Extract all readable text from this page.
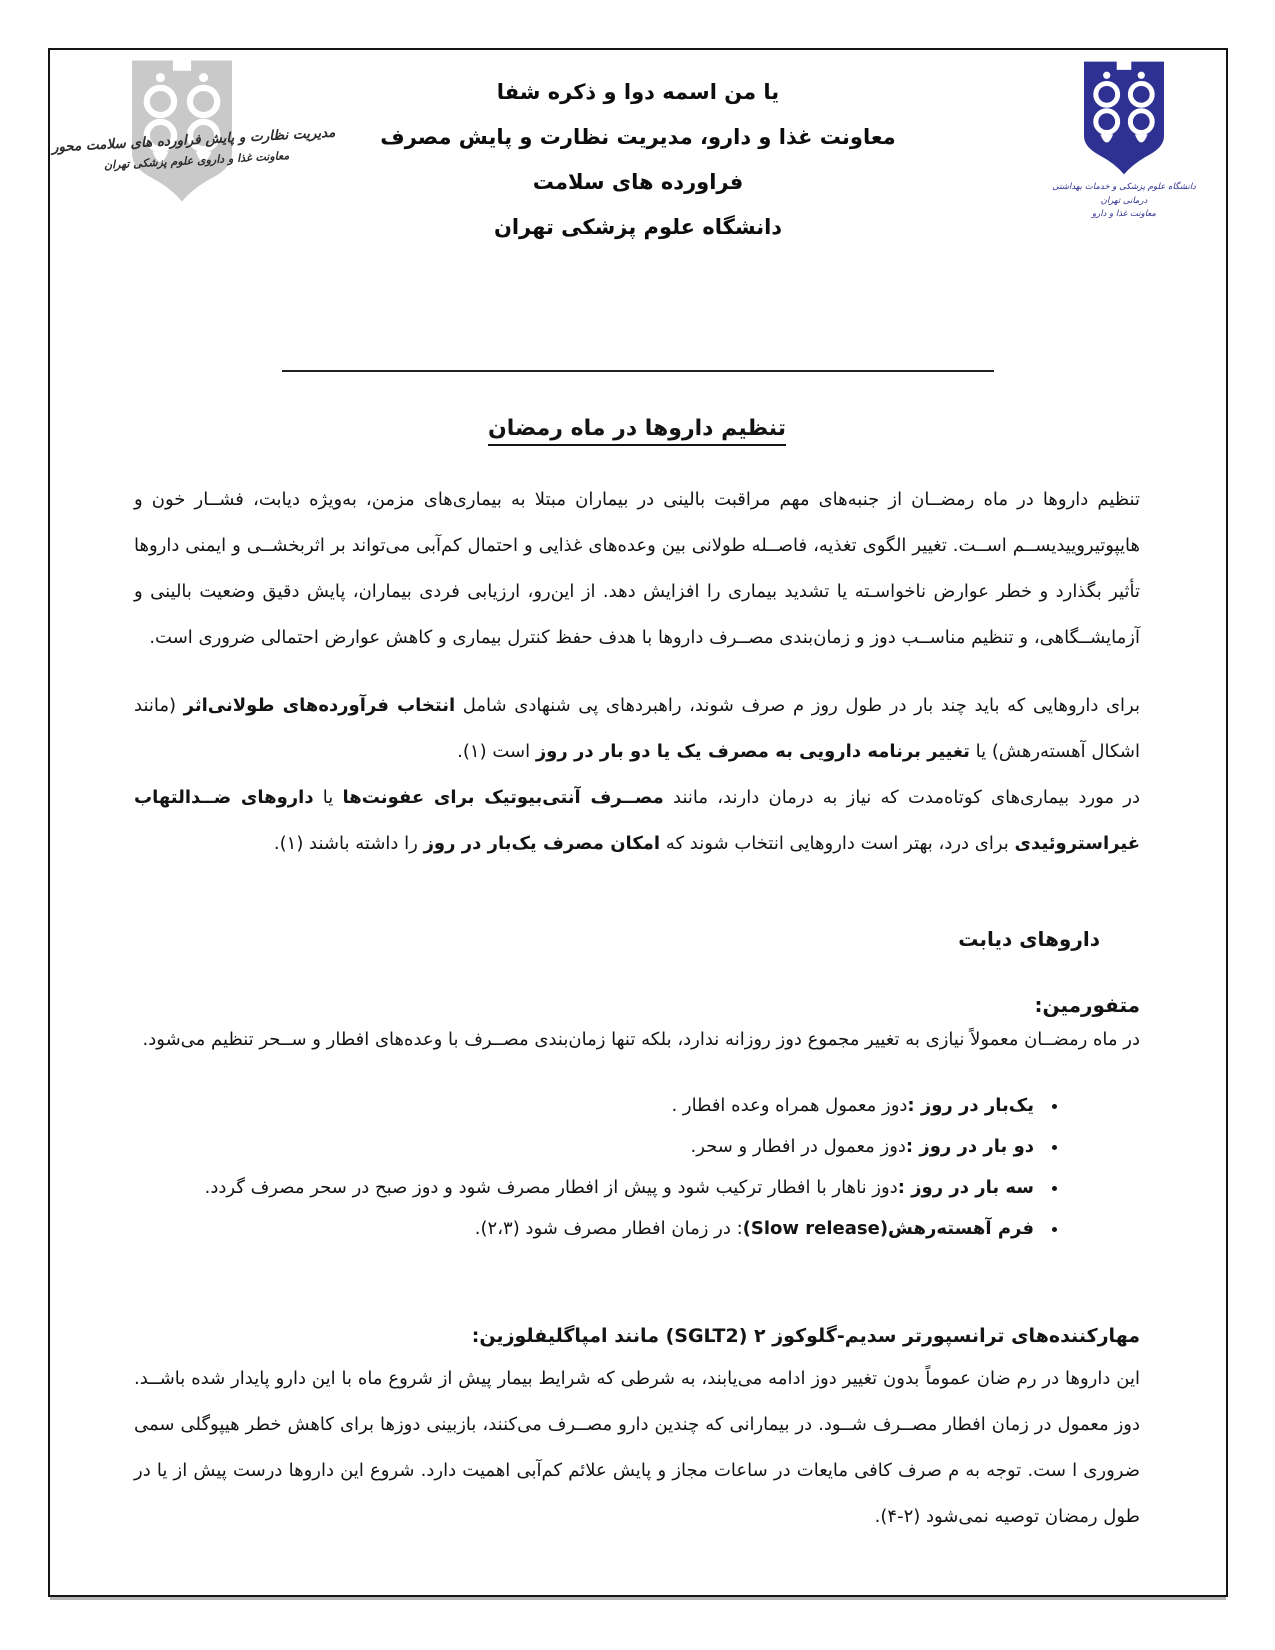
مدیریت نظارت و پایش فراورده های سلامت محور
معاونت غذا و داروی علوم پزشکی تهران
دانشگاه علوم پزشکی و خدمات بهداشتی درمانی تهران
معاونت غذا و دارو
یا من اسمه دوا و ذکره شفا
معاونت غذا و دارو، مدیریت نظارت و پایش مصرف فراورده های سلامت
دانشگاه علوم پزشکی تهران
تنظیم داروها در ماه رمضان

تنظیم داروها در ماه رمضــان از جنبه‌های مهم مراقبت بالینی در بیماران مبتلا به بیماری‌های مزمن، به‌ویژه دیابت، فشــار خون و هایپوتیروییدیســم اســت. تغییر الگوی تغذیه، فاصــله طولانی بین وعده‌های غذایی و احتمال کم‌آبی می‌تواند بر اثربخشــی و ایمنی داروها تأثیر بگذارد و خطر عوارض ناخواسـته یا تشدید بیماری را افزایش دهد. از این‌رو، ارزیابی فردی بیماران، پایش دقیق وضعیت بالینی و آزمایشــگاهی، و تنظیم مناســب دوز و زمان‌بندی مصــرف داروها با هدف حفظ کنترل بیماری و کاهش عوارض احتمالی ضروری است.

برای داروهایی که باید چند بار در طول روز م صرف شوند، راهبردهای پی شنهادی شامل انتخاب فرآورده‌های طولانی‌اثر (مانند اشکال آهسته‌رهش) یا تغییر برنامه دارویی به مصرف یک یا دو بار در روز است (۱).

در مورد بیماری‌های کوتاه‌مدت که نیاز به درمان دارند، مانند مصــرف آنتی‌بیوتیک برای عفونت‌ها یا داروهای ضــدالتهاب غیراستروئیدی برای درد، بهتر است داروهایی انتخاب شوند که امکان مصرف یک‌بار در روز را داشته باشند (۱).

داروهای دیابت
متفورمین:

در ماه رمضــان معمولاً نیازی به تغییر مجموع دوز روزانه ندارد، بلکه تنها زمان‌بندی مصــرف با وعده‌های افطار و ســحر تنظیم می‌شود.

• یک‌بار در روز :دوز معمول همراه وعده افطار .
• دو بار در روز :دوز معمول در افطار و سحر.
• سه بار در روز :دوز ناهار با افطار ترکیب شود و پیش از افطار مصرف شود و دوز صبح در سحر مصرف گردد.
• فرم آهسته‌رهش(Slow release): در زمان افطار مصرف شود (۲،۳).
مهارکننده‌های ترانسپورتر سدیم-گلوکوز ۲ (SGLT2) مانند امپاگلیفلوزین:

این داروها در رم ضان عموماً بدون تغییر دوز ادامه می‌یابند، به شرطی که شرایط بیمار پیش از شروع ماه با این دارو پایدار شده باشــد. دوز معمول در زمان افطار مصــرف شــود. در بیمارانی که چندین دارو مصــرف می‌کنند، بازبینی دوزها برای کاهش خطر هیپوگلی سمی ضروری ا ست. توجه به م صرف کافی مایعات در ساعات مجاز و پایش علائم کم‌آبی اهمیت دارد. شروع این داروها درست پیش از یا در طول رمضان توصیه نمی‌شود (۲-۴).
